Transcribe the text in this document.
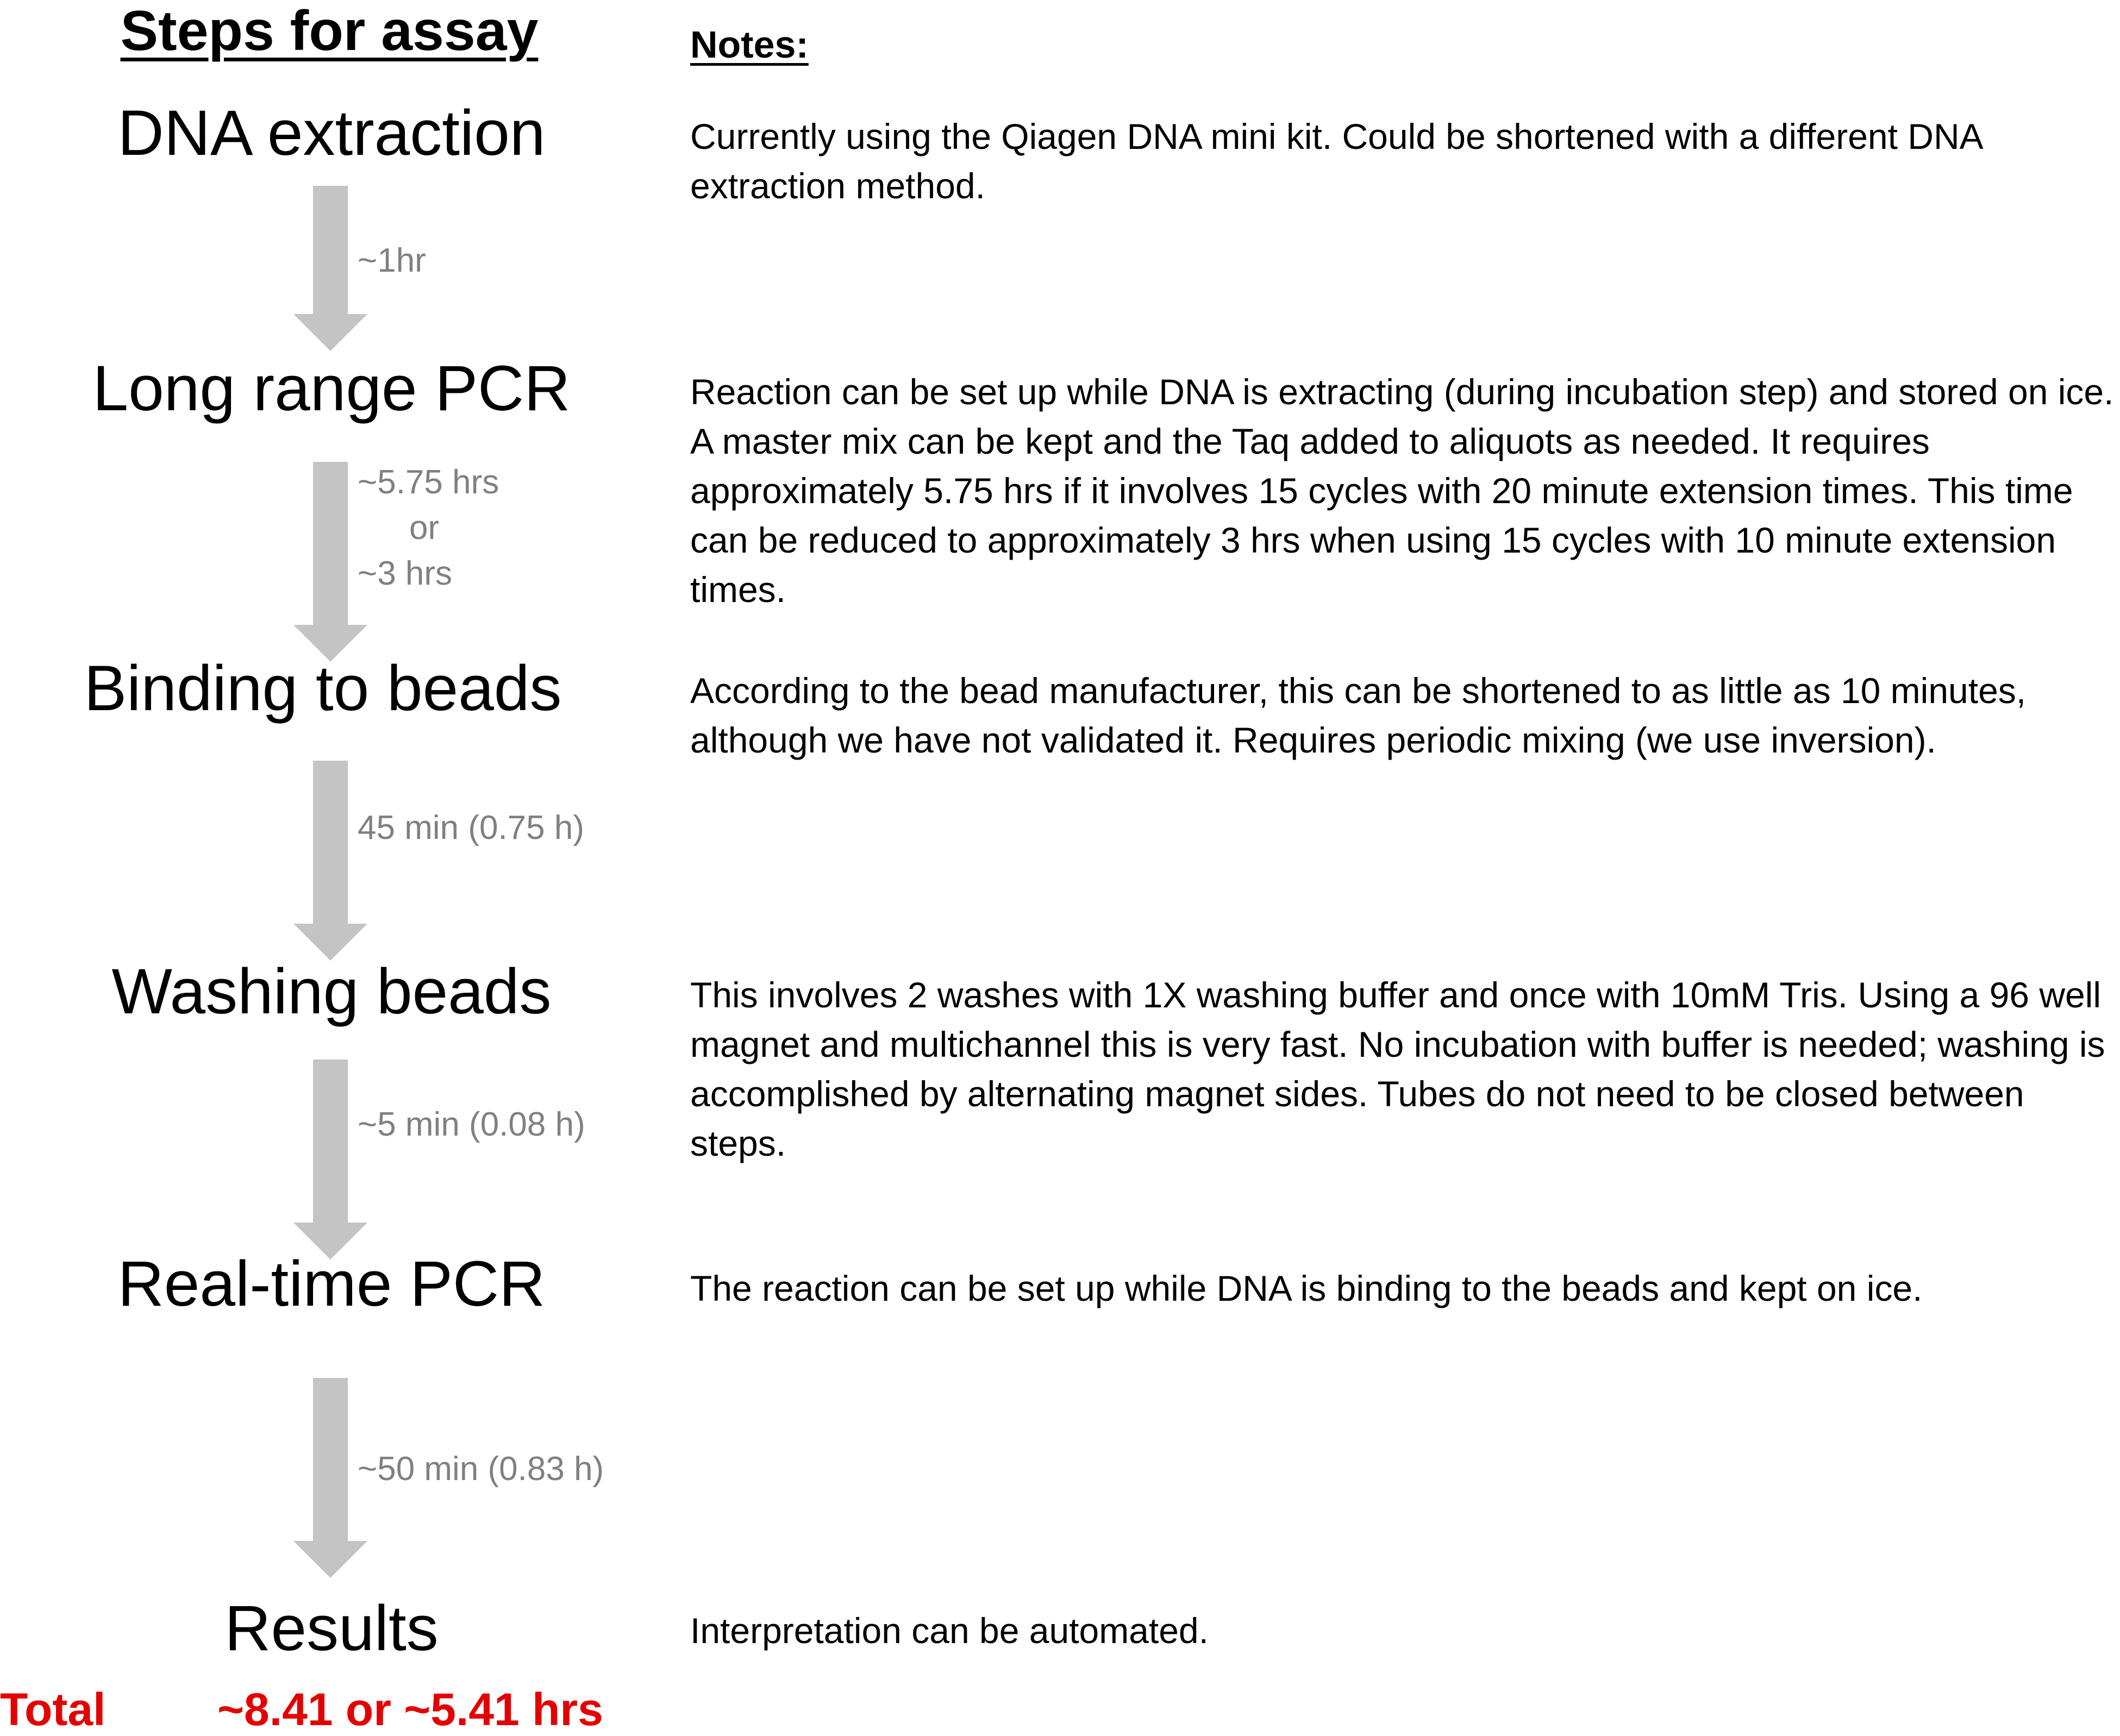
Steps for assay	Notes:
DNA extraction
Long range PCR
Binding to beads
Washing beads
Real-time PCR
Results
Currently using the Qiagen DNA mini kit. Could be shortened with a different DNA extraction method.
Reaction can be set up while DNA is extracting (during incubation step) and stored on ice. A master mix can be kept and the Taq added to aliquots as needed. It requires approximately 5.75 hrs if it involves 15 cycles with 20 minute extension times. This time can be reduced to approximately 3 hrs when using 15 cycles with 10 minute extension times.
According to the bead manufacturer, this can be shortened to as little as 10 minutes, although we have not validated it. Requires periodic mixing (we use inversion).
This involves 2 washes with 1X washing buffer and once with 10mM Tris. Using a 96 well magnet and multichannel this is very fast. No incubation with buffer is needed; washing is accomplished by alternating magnet sides. Tubes do not need to be closed between steps.
The reaction can be set up while DNA is binding to the beads and kept on ice.
Interpretation can be automated.
~1hr
~5.75 hrs
or
~3 hrs
45 min (0.75 h)
~5 min (0.08 h)
~50 min (0.83 h)
Total ~8.41 or ~5.41 hrs
